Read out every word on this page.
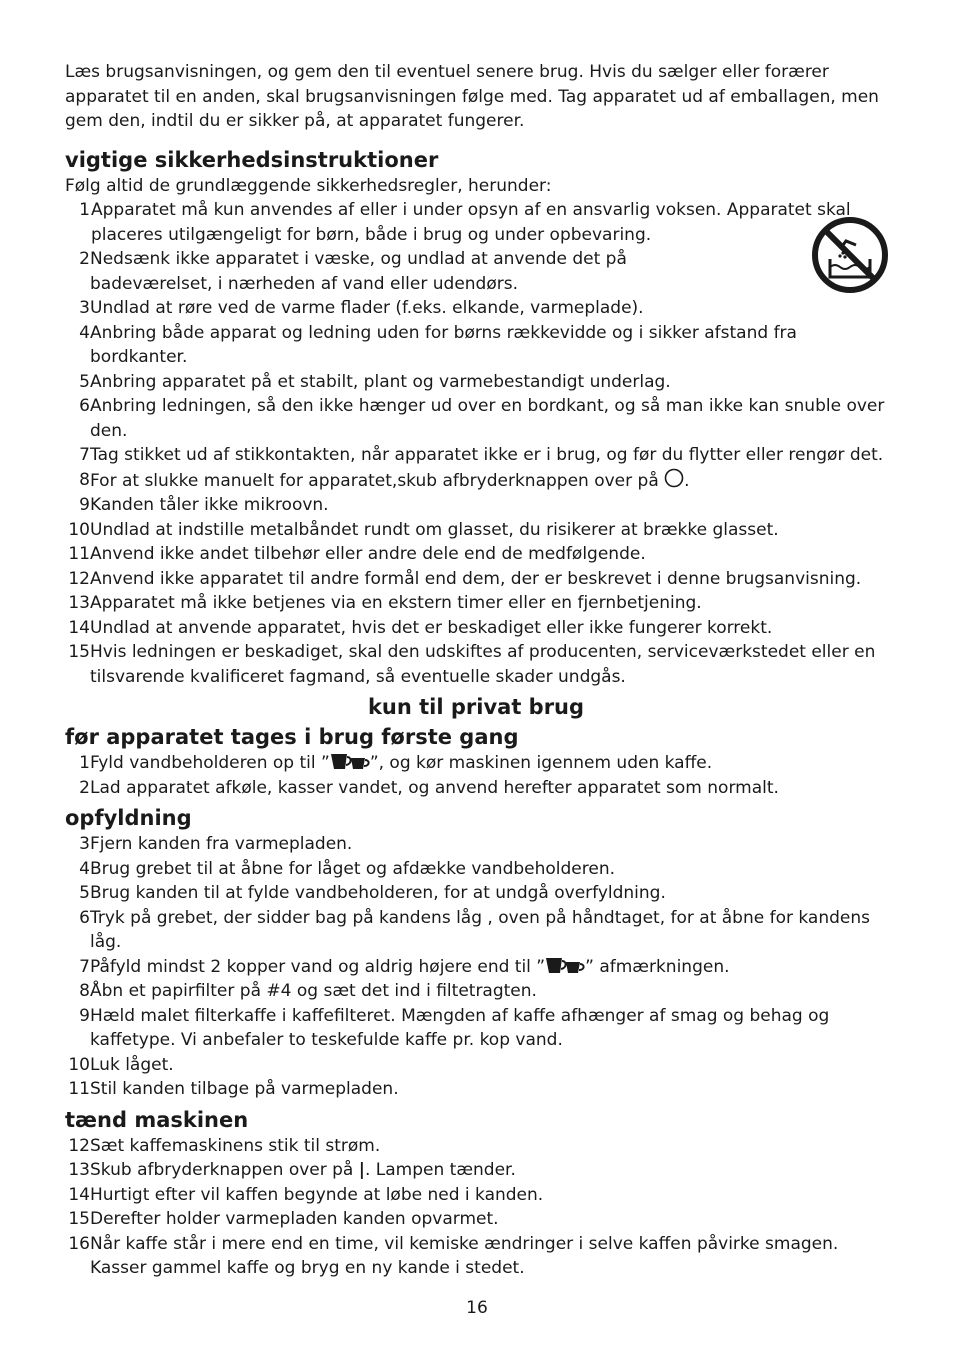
Læs brugsanvisningen, og gem den til eventuel senere brug. Hvis du sælger eller forærer apparatet til en anden, skal brugsanvisningen følge med. Tag apparatet ud af emballagen, men gem den, indtil du er sikker på, at apparatet fungerer.

vigtige sikkerhedsinstruktioner

Følg altid de grundlæggende sikkerhedsregler, herunder:

1 Apparatet må kun anvendes af eller i under opsyn af en ansvarlig voksen. Apparatet skal placeres utilgængeligt for børn, både i brug og under opbevaring.
2 Nedsænk ikke apparatet i væske, og undlad at anvende det på badeværelset, i nærheden af vand eller udendørs.
3 Undlad at røre ved de varme flader (f.eks. elkande, varmeplade).
4 Anbring både apparat og ledning uden for børns rækkevidde og i sikker afstand fra bordkanter.
5 Anbring apparatet på et stabilt, plant og varmebestandigt underlag.
6 Anbring ledningen, så den ikke hænger ud over en bordkant, og så man ikke kan snuble over den.
7 Tag stikket ud af stikkontakten, når apparatet ikke er i brug, og før du flytter eller rengør det.
8 For at slukke manuelt for apparatet,skub afbryderknappen over på .
9 Kanden tåler ikke mikroovn.
10 Undlad at indstille metalbåndet rundt om glasset, du risikerer at brække glasset.
11 Anvend ikke andet tilbehør eller andre dele end de medfølgende.
12 Anvend ikke apparatet til andre formål end dem, der er beskrevet i denne brugsanvisning.
13 Apparatet må ikke betjenes via en ekstern timer eller en fjernbetjening.
14 Undlad at anvende apparatet, hvis det er beskadiget eller ikke fungerer korrekt.
15 Hvis ledningen er beskadiget, skal den udskiftes af producenten, serviceværkstedet eller en tilsvarende kvalificeret fagmand, så eventuelle skader undgås.
kun til privat brug
før apparatet tages i brug første gang
1 Fyld vandbeholderen op til ” ”, og kør maskinen igennem uden kaffe.
2 Lad apparatet afkøle, kasser vandet, og anvend herefter apparatet som normalt.
opfyldning
3 Fjern kanden fra varmepladen.
4 Brug grebet til at åbne for låget og afdække vandbeholderen.
5 Brug kanden til at fylde vandbeholderen, for at undgå overfyldning.
6 Tryk på grebet, der sidder bag på kandens låg , oven på håndtaget, for at åbne for kandens låg.
7 Påfyld mindst 2 kopper vand og aldrig højere end til ” ” afmærkningen.
8 Åbn et papirfilter på #4 og sæt det ind i filtetragten.
9 Hæld malet filterkaffe i kaffefilteret. Mængden af kaffe afhænger af smag og behag og kaffetype. Vi anbefaler to teskefulde kaffe pr. kop vand.
10 Luk låget.
11 Stil kanden tilbage på varmepladen.
tænd maskinen
12 Sæt kaffemaskinens stik til strøm.
13 Skub afbryderknappen over på |. Lampen tænder.
14 Hurtigt efter vil kaffen begynde at løbe ned i kanden.
15 Derefter holder varmepladen kanden opvarmet.
16 Når kaffe står i mere end en time, vil kemiske ændringer i selve kaffen påvirke smagen. Kasser gammel kaffe og bryg en ny kande i stedet.
16
